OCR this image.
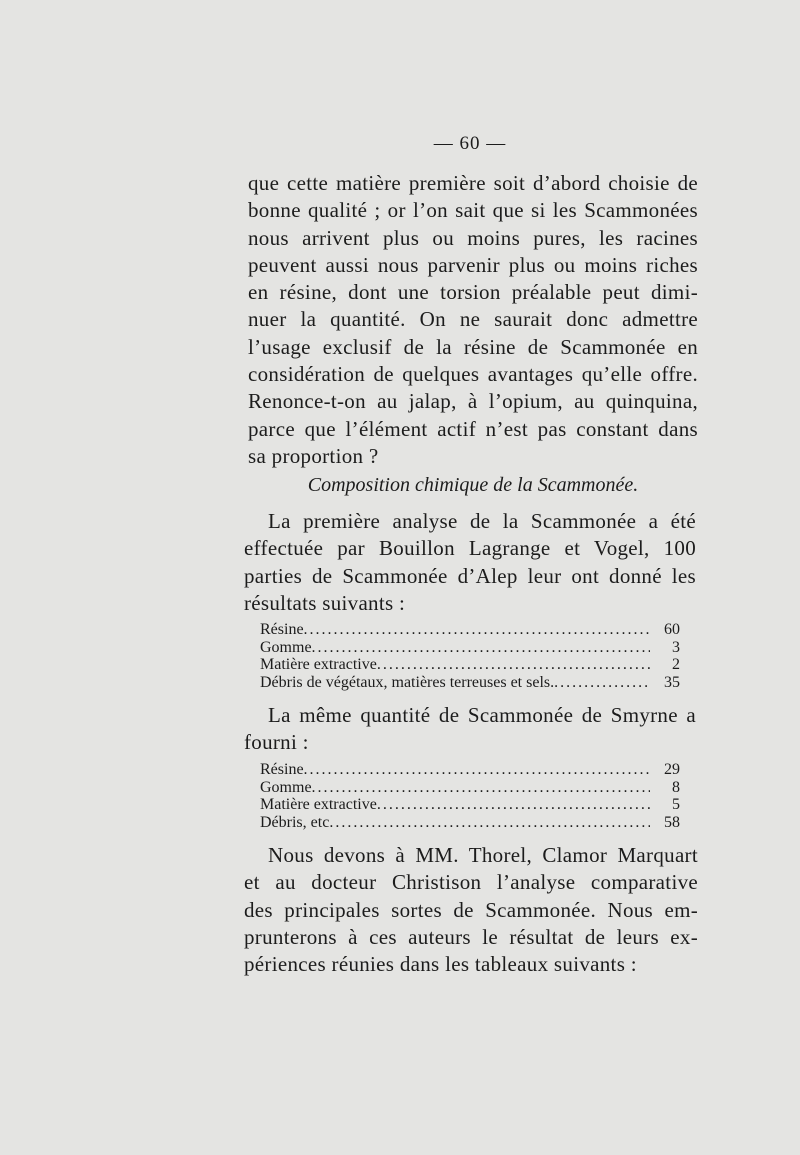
— 60 —

que cette matière première soit d’abord choisie de
bonne qualité ; or l’on sait que si les Scammonées
nous arrivent plus ou moins pures, les racines
peuvent aussi nous parvenir plus ou moins riches
en résine, dont une torsion préalable peut dimi-
nuer la quantité. On ne saurait donc admettre
l’usage exclusif de la résine de Scammonée en
considération de quelques avantages qu’elle offre.
Renonce-t-on au jalap, à l’opium, au quinquina,
parce que l’élément actif n’est pas constant dans
sa proportion ?

Composition chimique de la Scammonée.

La première analyse de la Scammonée a été
effectuée par Bouillon Lagrange et Vogel, 100
parties de Scammonée d’Alep leur ont donné les
résultats suivants :

Résine .....	60
Gomme .....	3
Matière extractive .....	2
Débris de végétaux, matières terreuses et sels. .....	35

La même quantité de Scammonée de Smyrne a
fourni :

Résine .....	29
Gomme .....	8
Matière extractive .....	5
Débris, etc .....	58

Nous devons à MM. Thorel, Clamor Marquart
et au docteur Christison l’analyse comparative
des principales sortes de Scammonée. Nous em-
prunterons à ces auteurs le résultat de leurs ex-
périences réunies dans les tableaux suivants :
